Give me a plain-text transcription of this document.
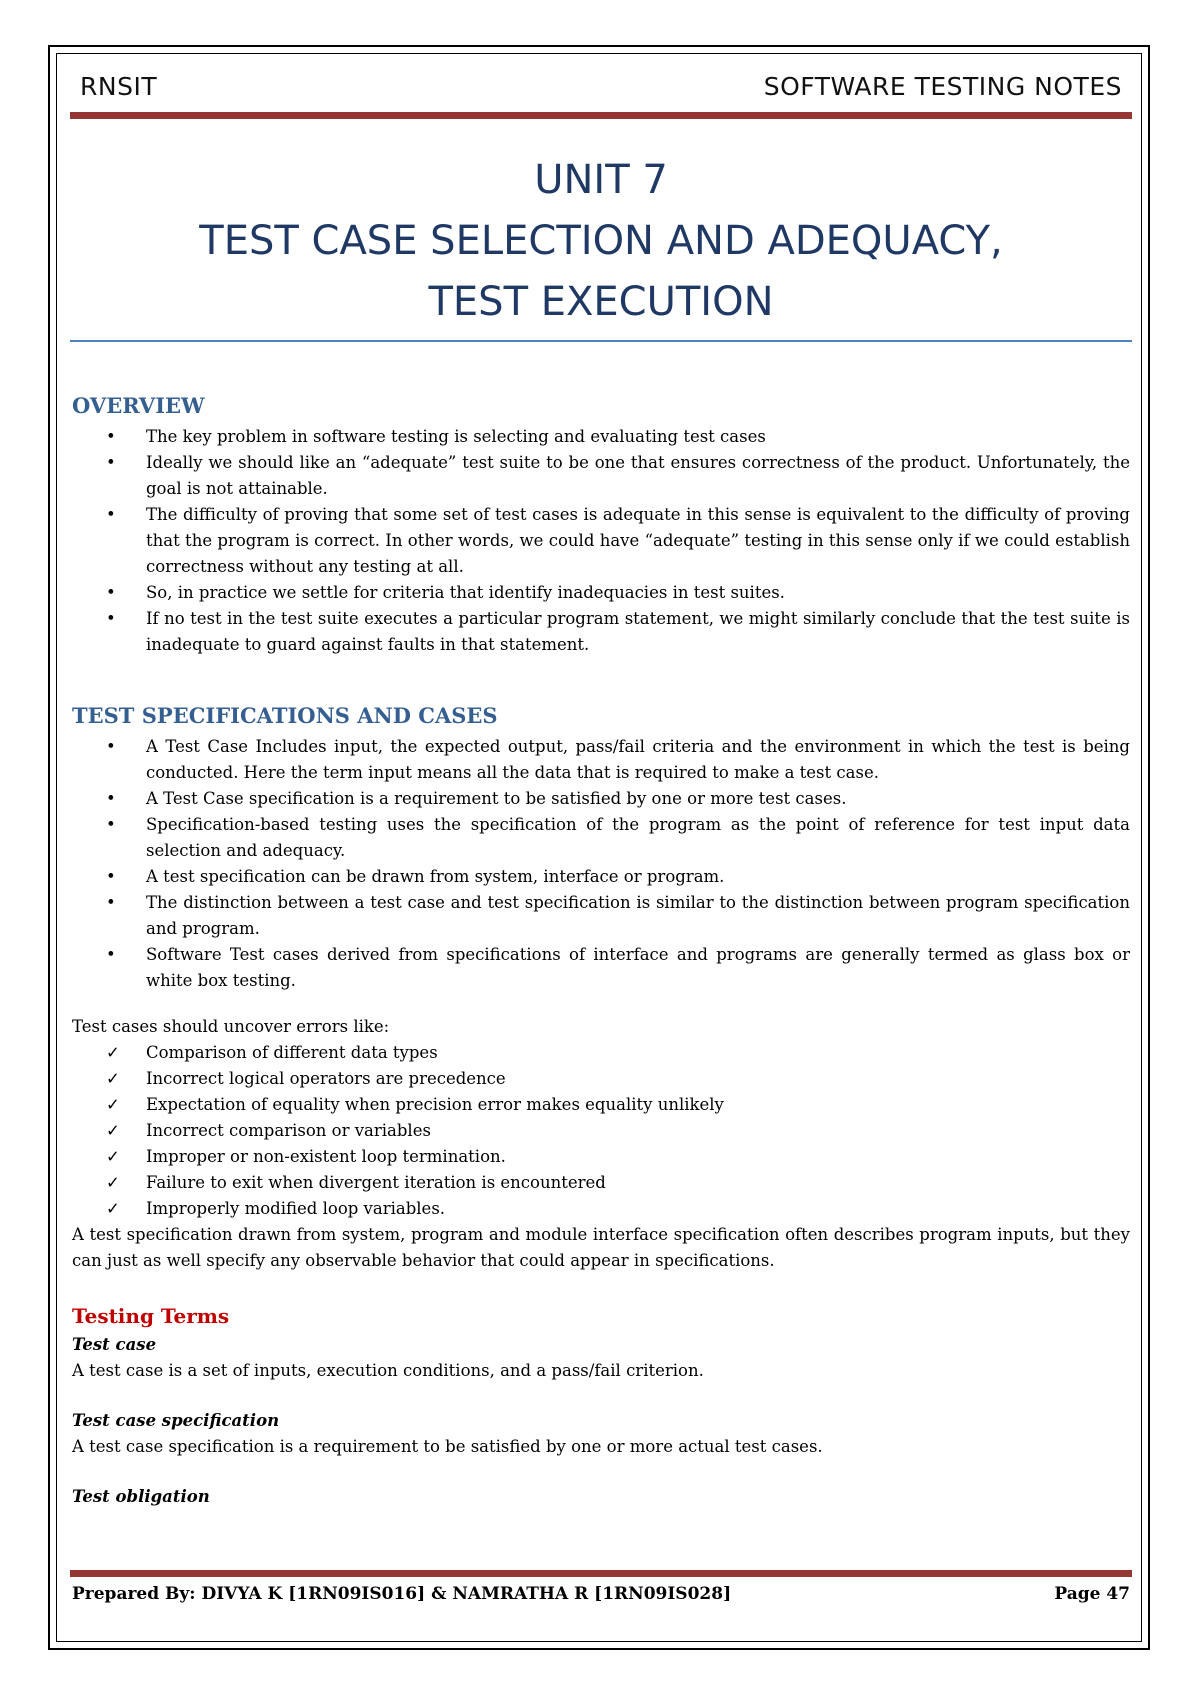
RNSIT	SOFTWARE TESTING NOTES
UNIT 7
TEST CASE SELECTION AND ADEQUACY,
TEST EXECUTION
OVERVIEW
• The key problem in software testing is selecting and evaluating test cases
• Ideally we should like an “adequate” test suite to be one that ensures correctness of the product. Unfortunately, the goal is not attainable.
• The difficulty of proving that some set of test cases is adequate in this sense is equivalent to the difficulty of proving that the program is correct. In other words, we could have “adequate” testing in this sense only if we could establish correctness without any testing at all.
• So, in practice we settle for criteria that identify inadequacies in test suites.
• If no test in the test suite executes a particular program statement, we might similarly conclude that the test suite is inadequate to guard against faults in that statement.
TEST SPECIFICATIONS AND CASES
• A Test Case Includes input, the expected output, pass/fail criteria and the environment in which the test is being conducted. Here the term input means all the data that is required to make a test case.
• A Test Case specification is a requirement to be satisfied by one or more test cases.
• Specification-based testing uses the specification of the program as the point of reference for test input data selection and adequacy.
• A test specification can be drawn from system, interface or program.
• The distinction between a test case and test specification is similar to the distinction between program specification and program.
• Software Test cases derived from specifications of interface and programs are generally termed as glass box or white box testing.

Test cases should uncover errors like:

✓ Comparison of different data types
✓ Incorrect logical operators are precedence
✓ Expectation of equality when precision error makes equality unlikely
✓ Incorrect comparison or variables
✓ Improper or non-existent loop termination.
✓ Failure to exit when divergent iteration is encountered
✓ Improperly modified loop variables.

A test specification drawn from system, program and module interface specification often describes program inputs, but they can just as well specify any observable behavior that could appear in specifications.

Testing Terms

Test case

A test case is a set of inputs, execution conditions, and a pass/fail criterion.

Test case specification

A test case specification is a requirement to be satisfied by one or more actual test cases.

Test obligation

Prepared By: DIVYA K [1RN09IS016] & NAMRATHA R [1RN09IS028]	Page 47
